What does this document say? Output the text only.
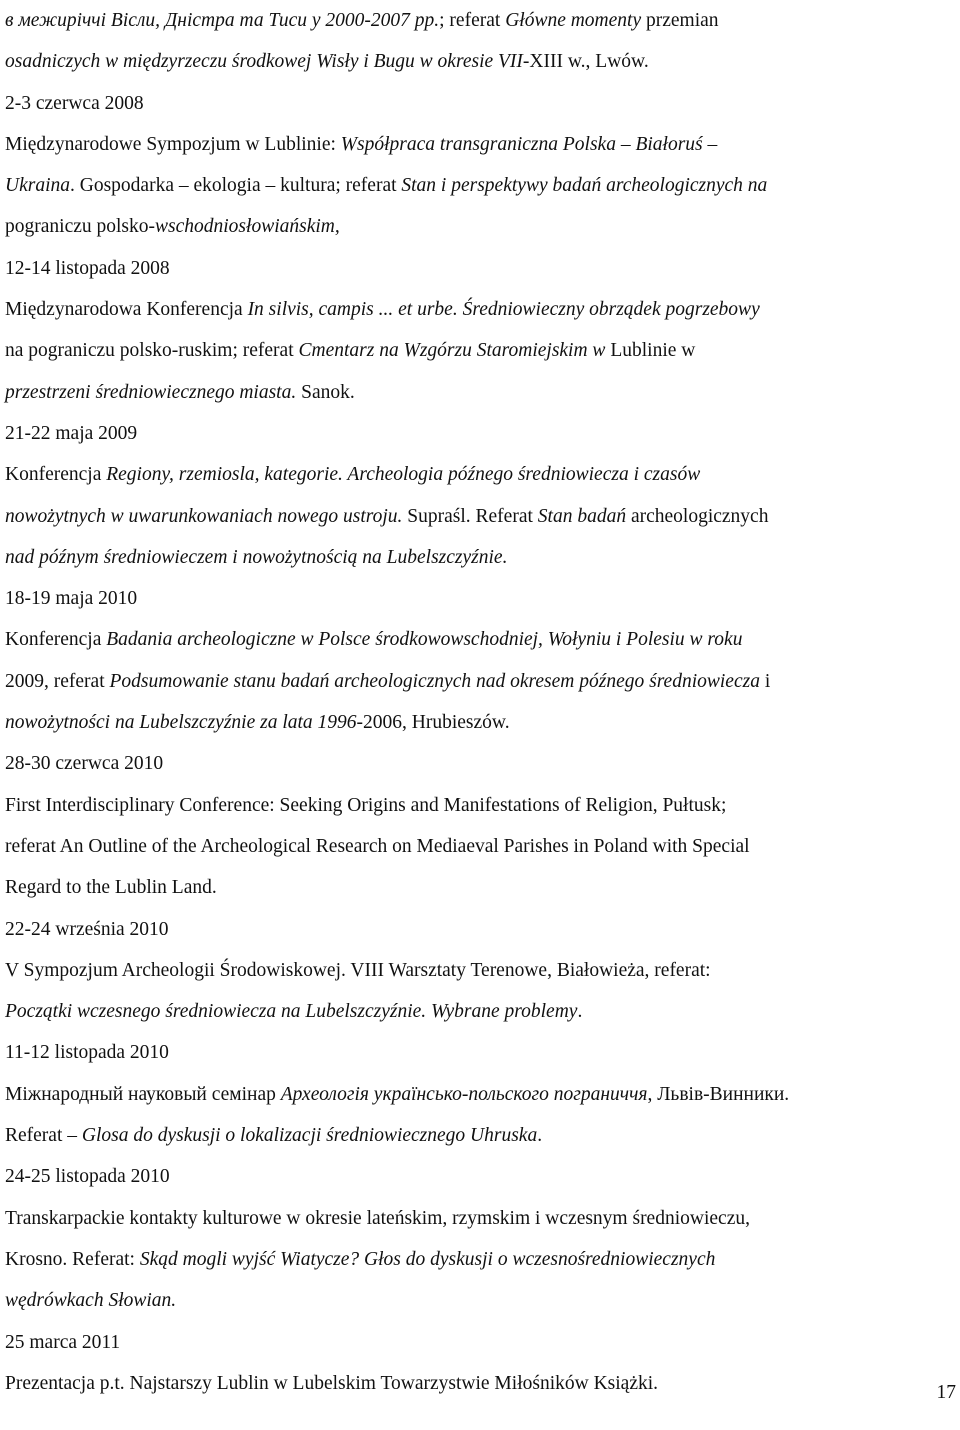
в межиріччі Вісли, Дністра та Тиси у 2000-2007 рр.; referat Główne momenty przemian
osadniczych w międzyrzeczu środkowej Wisły i Bugu w okresie VII-XIII w., Lwów.
2-3 czerwca 2008
Międzynarodowe Sympozjum w Lublinie: Współpraca transgraniczna Polska – Białoruś –
Ukraina. Gospodarka – ekologia – kultura; referat Stan i perspektywy badań archeologicznych na
pograniczu polsko-wschodniosłowiańskim,
12-14 listopada 2008
Międzynarodowa Konferencja In silvis, campis ... et urbe. Średniowieczny obrządek pogrzebowy
na pograniczu polsko-ruskim; referat Cmentarz na Wzgórzu Staromiejskim w Lublinie w
przestrzeni średniowiecznego miasta. Sanok.
21-22 maja 2009
Konferencja Regiony, rzemiosla, kategorie. Archeologia późnego średniowiecza i czasów
nowożytnych w uwarunkowaniach nowego ustroju. Supraśl. Referat Stan badań archeologicznych
nad późnym średniowieczem i nowożytnością na Lubelszczyźnie.
18-19 maja 2010
Konferencja Badania archeologiczne w Polsce środkowowschodniej, Wołyniu i Polesiu w roku
2009, referat Podsumowanie stanu badań archeologicznych nad okresem późnego średniowiecza i
nowożytności na Lubelszczyźnie za lata 1996-2006, Hrubieszów.
28-30 czerwca 2010
First Interdisciplinary Conference: Seeking Origins and Manifestations of Religion, Pułtusk;
referat An Outline of the Archeological Research on Mediaeval Parishes in Poland with Special
Regard to the Lublin Land.
22-24 września 2010
V Sympozjum Archeologii Środowiskowej. VIII Warsztaty Terenowe, Białowieża, referat:
Początki wczesnego średniowiecza na Lubelszczyźnie. Wybrane problemy.
11-12 listopada 2010
Міжнародный науковый семінар Археологія українсько-польского пограниччя, Львів-Винники.
Referat – Glosa do dyskusji o lokalizacji średniowiecznego Uhruska.
24-25 listopada 2010
Transkarpackie kontakty kulturowe w okresie lateńskim, rzymskim i wczesnym średniowieczu,
Krosno. Referat: Skąd mogli wyjść Wiatycze? Głos do dyskusji o wczesnośredniowiecznych
wędrówkach Słowian.
25 marca 2011
Prezentacja p.t. Najstarszy Lublin w Lubelskim Towarzystwie Miłośników Książki.	17
